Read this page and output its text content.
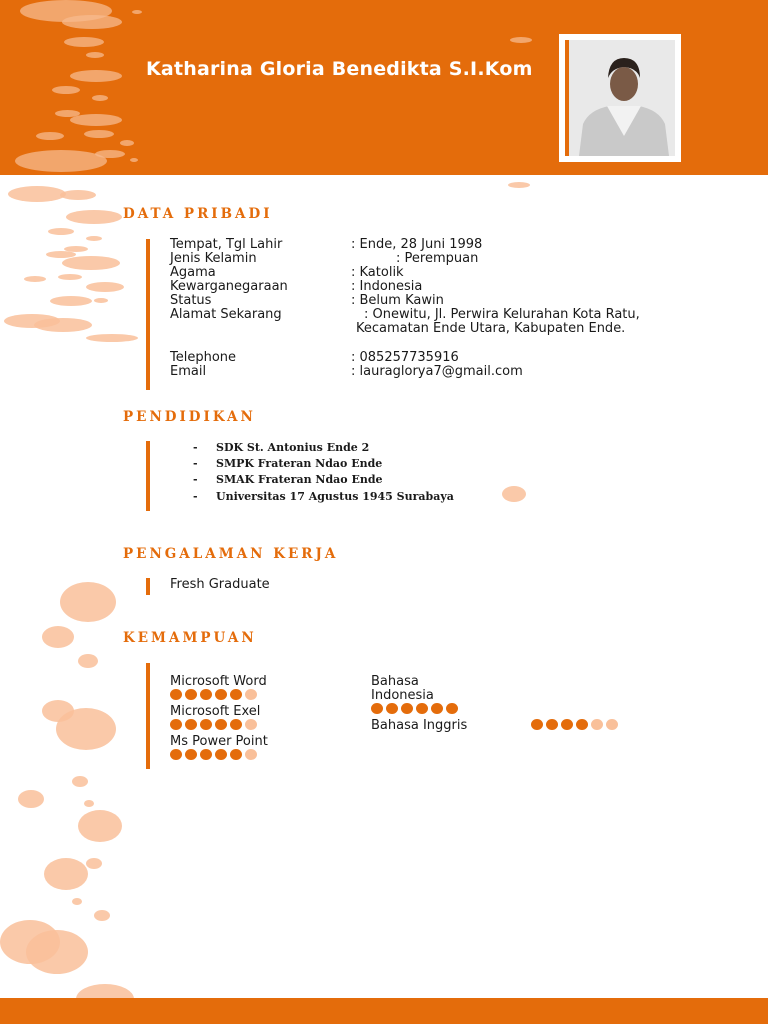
Katharina Gloria Benedikta S.I.Kom
DATA PRIBADI
Tempat, Tgl Lahir	: Ende, 28 Juni 1998
Jenis Kelamin	: Perempuan
Agama	: Katolik
Kewarganegaraan	: Indonesia
Status	: Belum Kawin
Alamat Sekarang	: Onewitu, Jl. Perwira Kelurahan Kota Ratu,
Kecamatan Ende Utara, Kabupaten Ende.
Telephone	: 085257735916
Email	: lauraglorya7@gmail.com
PENDIDIKAN
- SDK St. Antonius Ende 2
- SMPK Frateran Ndao Ende
- SMAK Frateran Ndao Ende
- Universitas 17 Agustus 1945 Surabaya
PENGALAMAN KERJA
Fresh Graduate
KEMAMPUAN
Microsoft Word
Microsoft Exel
Ms Power Point
Bahasa
Indonesia
Bahasa Inggris
